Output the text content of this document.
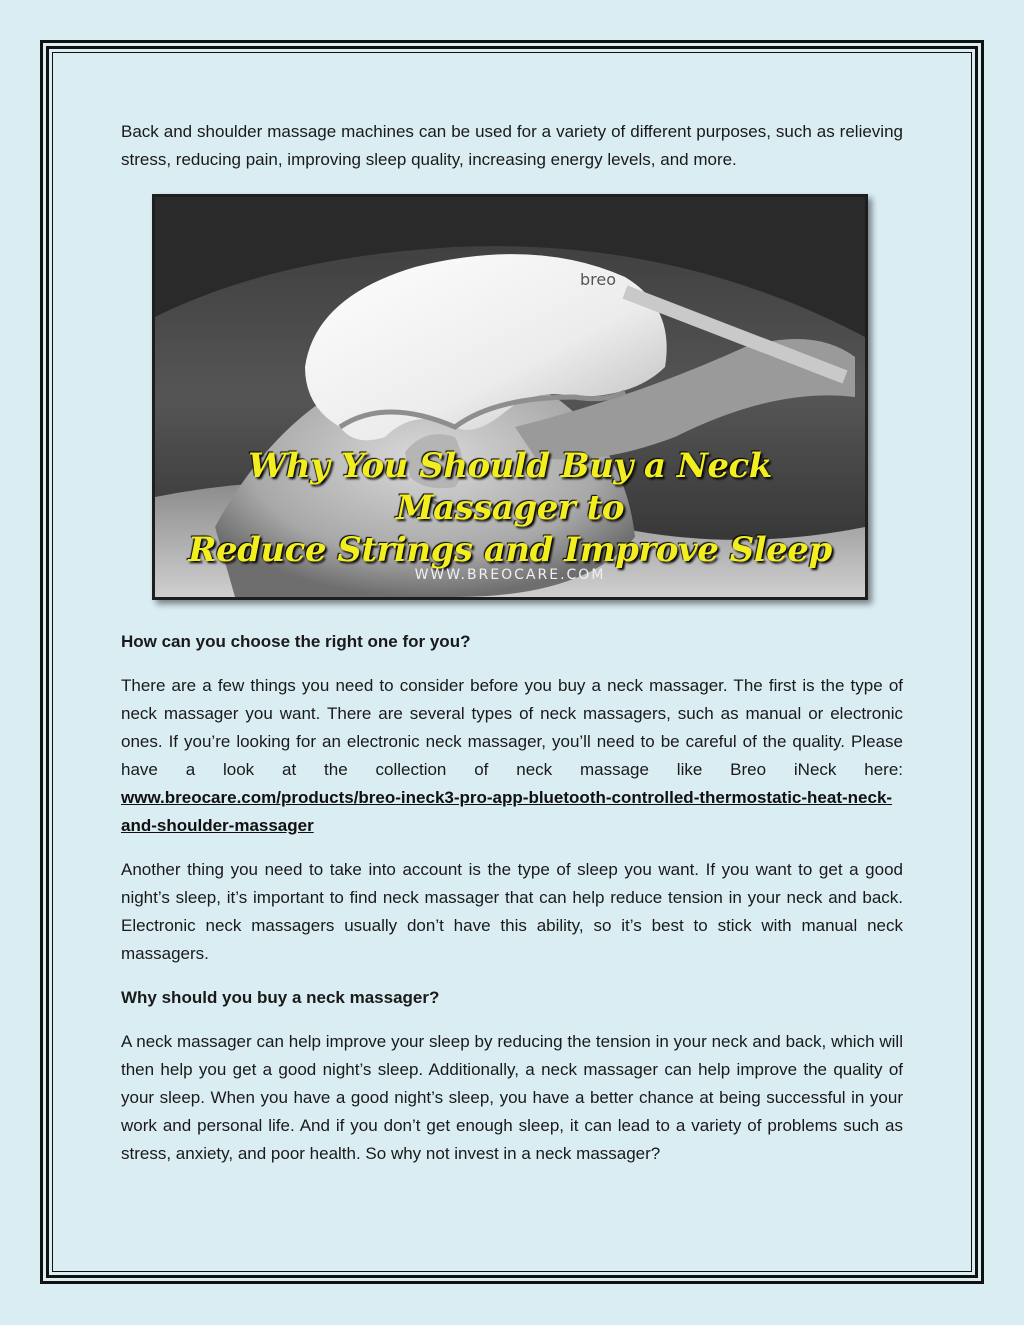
Back and shoulder massage machines can be used for a variety of different purposes, such as relieving stress, reducing pain, improving sleep quality, increasing energy levels, and more.

breo
Why You Should Buy a Neck Massager to
Reduce Strings and Improve Sleep
WWW.BREOCARE.COM

How can you choose the right one for you?

There are a few things you need to consider before you buy a neck massager. The first is the type of neck massager you want. There are several types of neck massagers, such as manual or electronic ones. If you’re looking for an electronic neck massager, you’ll need to be careful of the quality. Please have a look at the collection of neck massage like Breo iNeck here: www.breocare.com/products/breo-ineck3-pro-app-bluetooth-controlled-thermostatic-heat-neck-and-shoulder-massager

Another thing you need to take into account is the type of sleep you want. If you want to get a good night’s sleep, it’s important to find neck massager that can help reduce tension in your neck and back. Electronic neck massagers usually don’t have this ability, so it’s best to stick with manual neck massagers.

Why should you buy a neck massager?

A neck massager can help improve your sleep by reducing the tension in your neck and back, which will then help you get a good night’s sleep. Additionally, a neck massager can help improve the quality of your sleep. When you have a good night’s sleep, you have a better chance at being successful in your work and personal life. And if you don’t get enough sleep, it can lead to a variety of problems such as stress, anxiety, and poor health. So why not invest in a neck massager?
